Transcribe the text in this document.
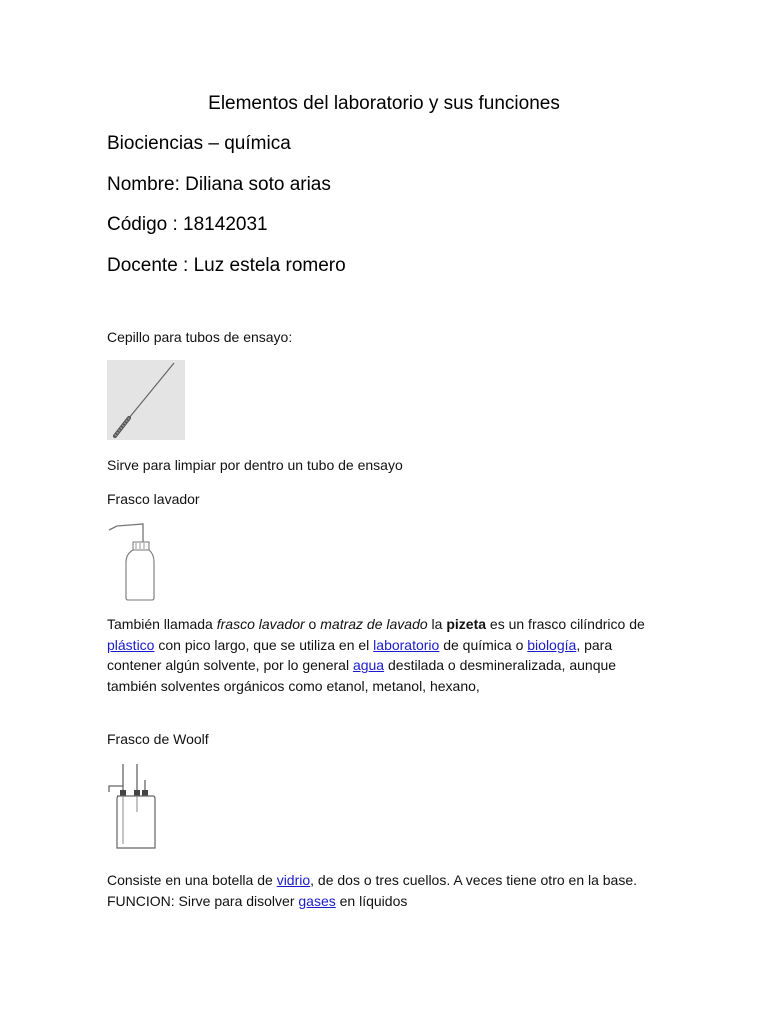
Elementos del laboratorio y sus funciones
Biociencias – química
Nombre: Diliana soto arias
Código : 18142031
Docente : Luz estela romero
Cepillo para tubos de ensayo:
Sirve para limpiar por dentro un tubo de ensayo
Frasco lavador
También llamada frasco lavador o matraz de lavado la pizeta es un frasco cilíndrico de plástico con pico largo, que se utiliza en el laboratorio de química o biología, para contener algún solvente, por lo general agua destilada o desmineralizada, aunque también solventes orgánicos como etanol, metanol, hexano,
Frasco de Woolf
Consiste en una botella de vidrio, de dos o tres cuellos. A veces tiene otro en la base. FUNCION: Sirve para disolver gases en líquidos
